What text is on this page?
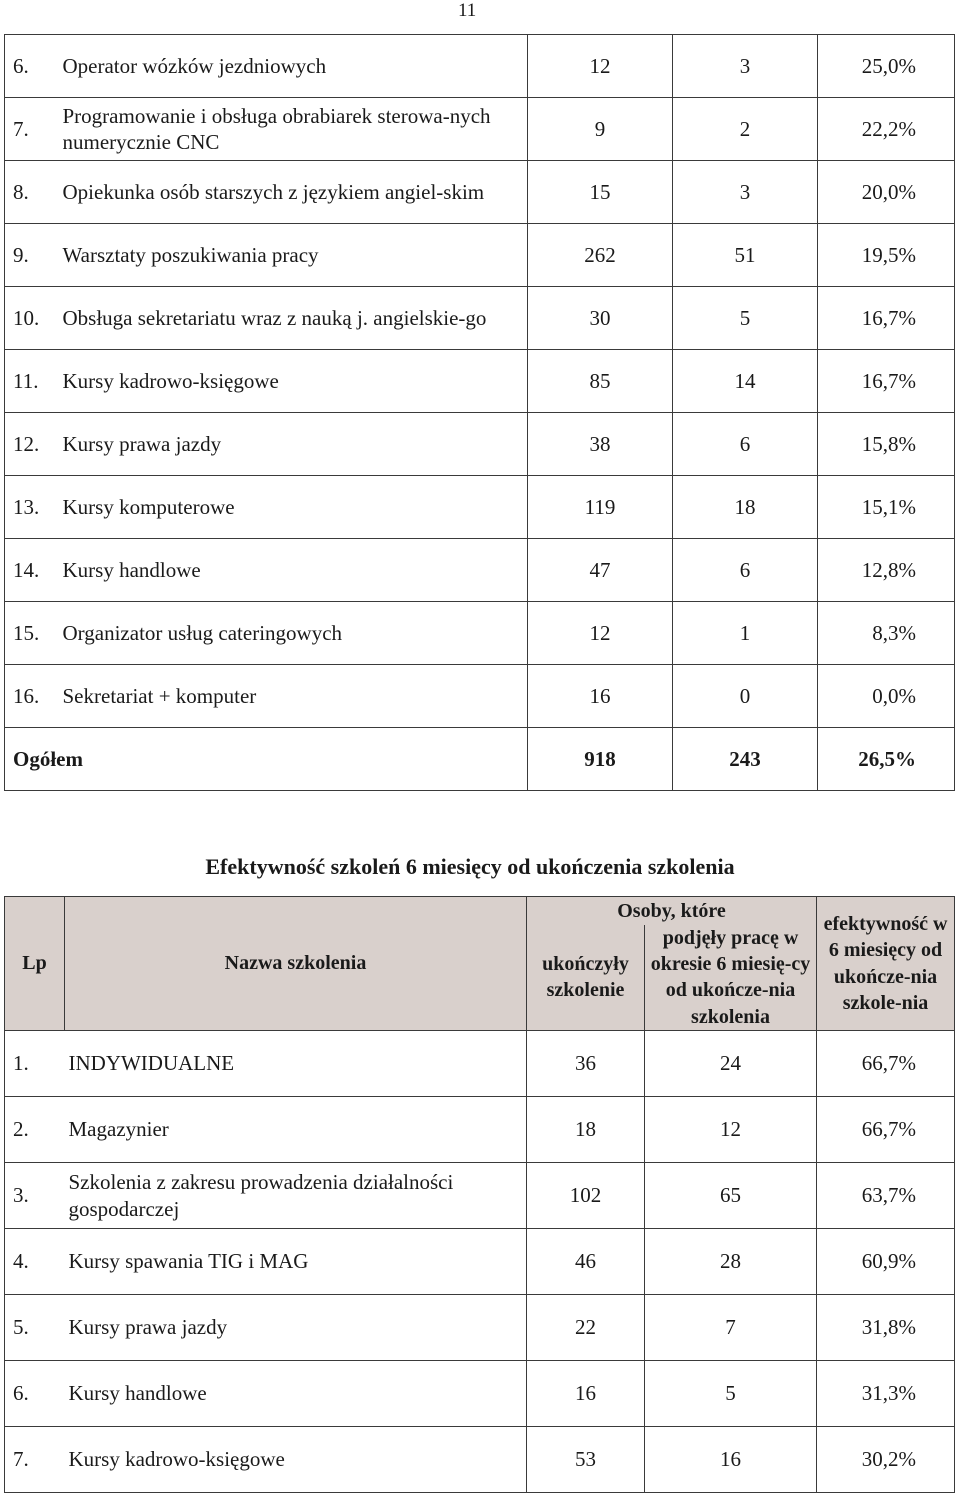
11
6.	Operator wózków jezdniowych	12	3	25,0%
7.	Programowanie i obsługa obrabiarek sterowa-nych numerycznie CNC	9	2	22,2%
8.	Opiekunka osób starszych z językiem angiel-skim	15	3	20,0%
9.	Warsztaty poszukiwania pracy	262	51	19,5%
10.	Obsługa sekretariatu wraz z nauką j. angielskie-go	30	5	16,7%
11.	Kursy kadrowo-księgowe	85	14	16,7%
12.	Kursy prawa jazdy	38	6	15,8%
13.	Kursy komputerowe	119	18	15,1%
14.	Kursy handlowe	47	6	12,8%
15.	Organizator usług cateringowych	12	1	8,3%
16.	Sekretariat + komputer	16	0	0,0%
Ogółem		918	243	26,5%
Efektywność szkoleń 6 miesięcy od ukończenia szkolenia
Lp	Nazwa szkolenia	Osoby, które		efektywność w 6 miesięcy od ukończe-nia szkole-nia
		ukończyły szkolenie	podjęły pracę w okresie 6 miesię-cy od ukończe-nia szkolenia	
1.	INDYWIDUALNE	36	24	66,7%
2.	Magazynier	18	12	66,7%
3.	Szkolenia z zakresu prowadzenia działalności gospodarczej	102	65	63,7%
4.	Kursy spawania TIG i MAG	46	28	60,9%
5.	Kursy prawa jazdy	22	7	31,8%
6.	Kursy handlowe	16	5	31,3%
7.	Kursy kadrowo-księgowe	53	16	30,2%
